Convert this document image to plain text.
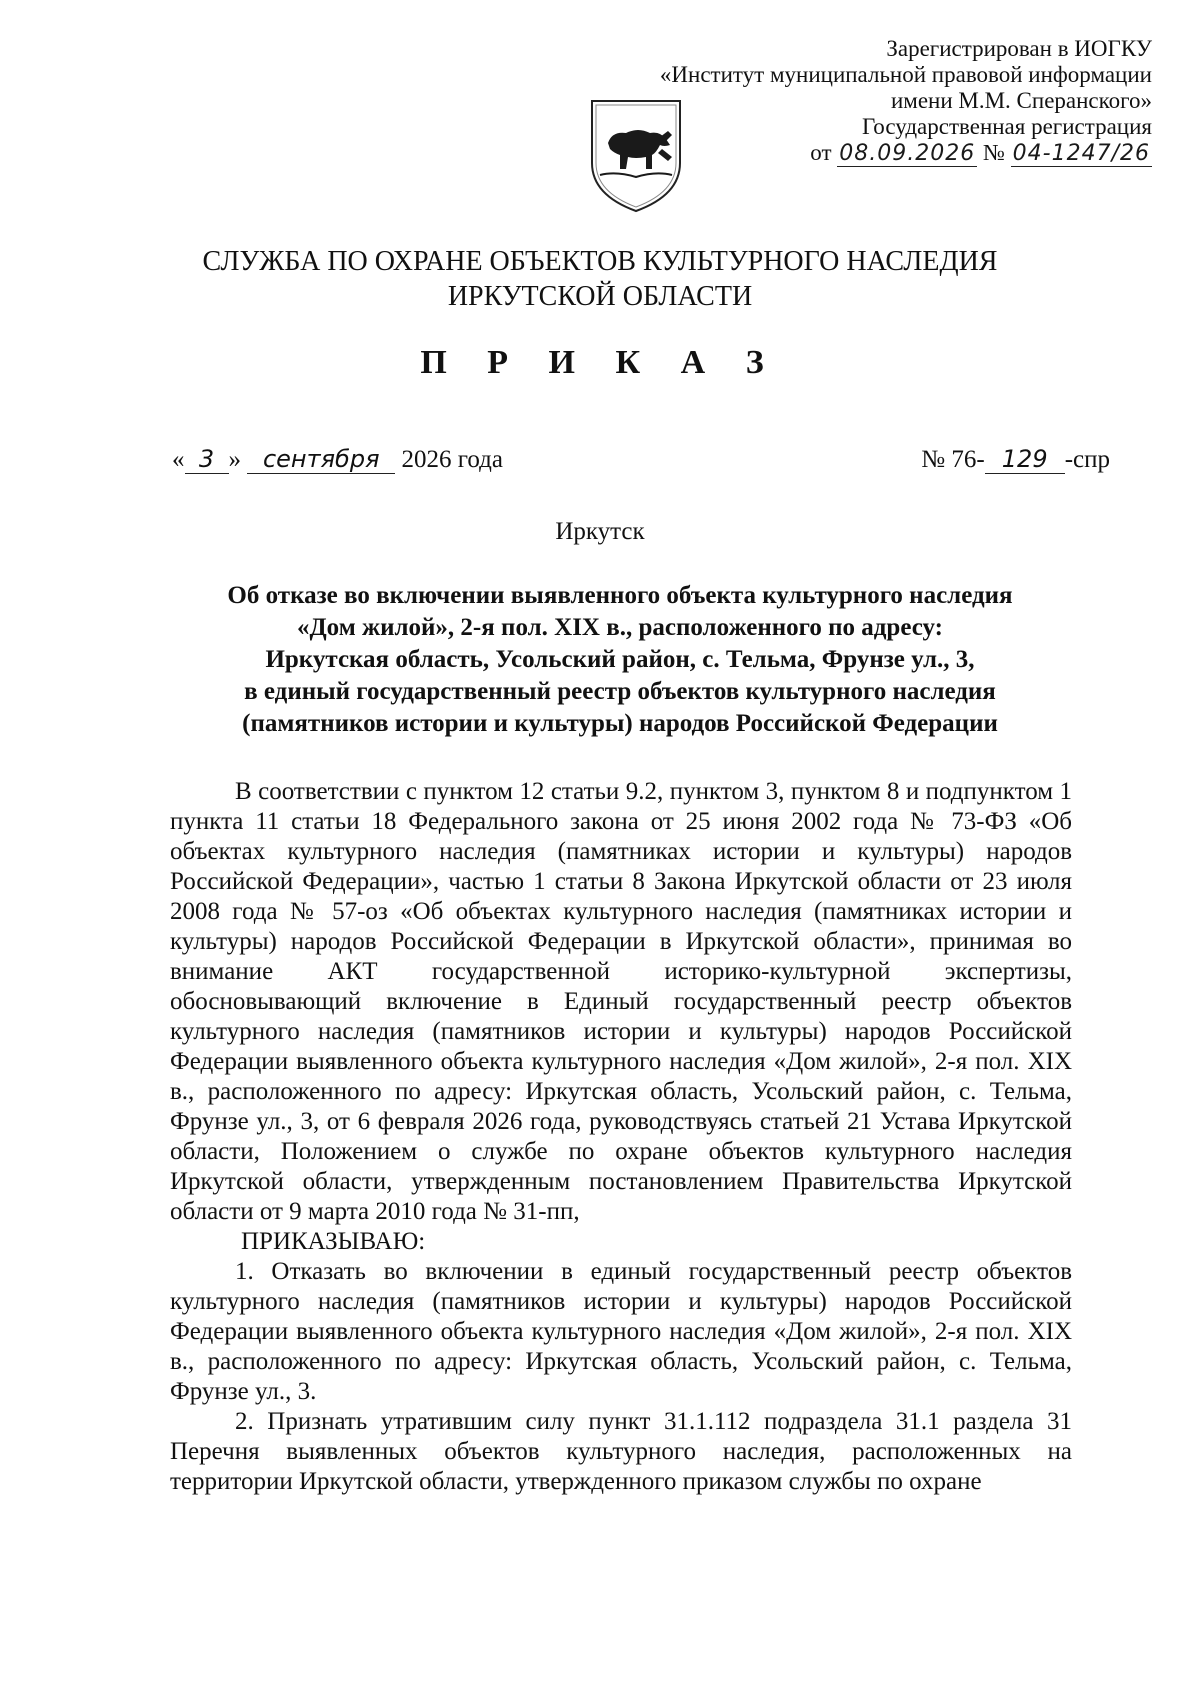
Зарегистрирован в ИОГКУ
«Институт муниципальной правовой информации
имени М.М. Сперанского»
Государственная регистрация
от 08.09.2026 № 04-1247/26
СЛУЖБА ПО ОХРАНЕ ОБЪЕКТОВ КУЛЬТУРНОГО НАСЛЕДИЯ
ИРКУТСКОЙ ОБЛАСТИ
П Р И К А З
« 3 » сентября 2026 года	№ 76- 129 -спр
Иркутск
Об отказе во включении выявленного объекта культурного наследия
«Дом жилой», 2-я пол. XIX в., расположенного по адресу:
Иркутская область, Усольский район, с. Тельма, Фрунзе ул., 3,
в единый государственный реестр объектов культурного наследия
(памятников истории и культуры) народов Российской Федерации

В соответствии с пунктом 12 статьи 9.2, пунктом 3, пунктом 8 и подпунктом 1 пункта 11 статьи 18 Федерального закона от 25 июня 2002 года № 73-ФЗ «Об объектах культурного наследия (памятниках истории и культуры) народов Российской Федерации», частью 1 статьи 8 Закона Иркутской области от 23 июля 2008 года № 57-оз «Об объектах культурного наследия (памятниках истории и культуры) народов Российской Федерации в Иркутской области», принимая во внимание АКТ государственной историко-культурной экспертизы, обосновывающий включение в Единый государственный реестр объектов культурного наследия (памятников истории и культуры) народов Российской Федерации выявленного объекта культурного наследия «Дом жилой», 2-я пол. XIX в., расположенного по адресу: Иркутская область, Усольский район, с. Тельма, Фрунзе ул., 3, от 6 февраля 2026 года, руководствуясь статьей 21 Устава Иркутской области, Положением о службе по охране объектов культурного наследия Иркутской области, утвержденным постановлением Правительства Иркутской области от 9 марта 2010 года № 31-пп,

ПРИКАЗЫВАЮ:

1. Отказать во включении в единый государственный реестр объектов культурного наследия (памятников истории и культуры) народов Российской Федерации выявленного объекта культурного наследия «Дом жилой», 2-я пол. XIX в., расположенного по адресу: Иркутская область, Усольский район, с. Тельма, Фрунзе ул., 3.

2. Признать утратившим силу пункт 31.1.112 подраздела 31.1 раздела 31 Перечня выявленных объектов культурного наследия, расположенных на территории Иркутской области, утвержденного приказом службы по охране
